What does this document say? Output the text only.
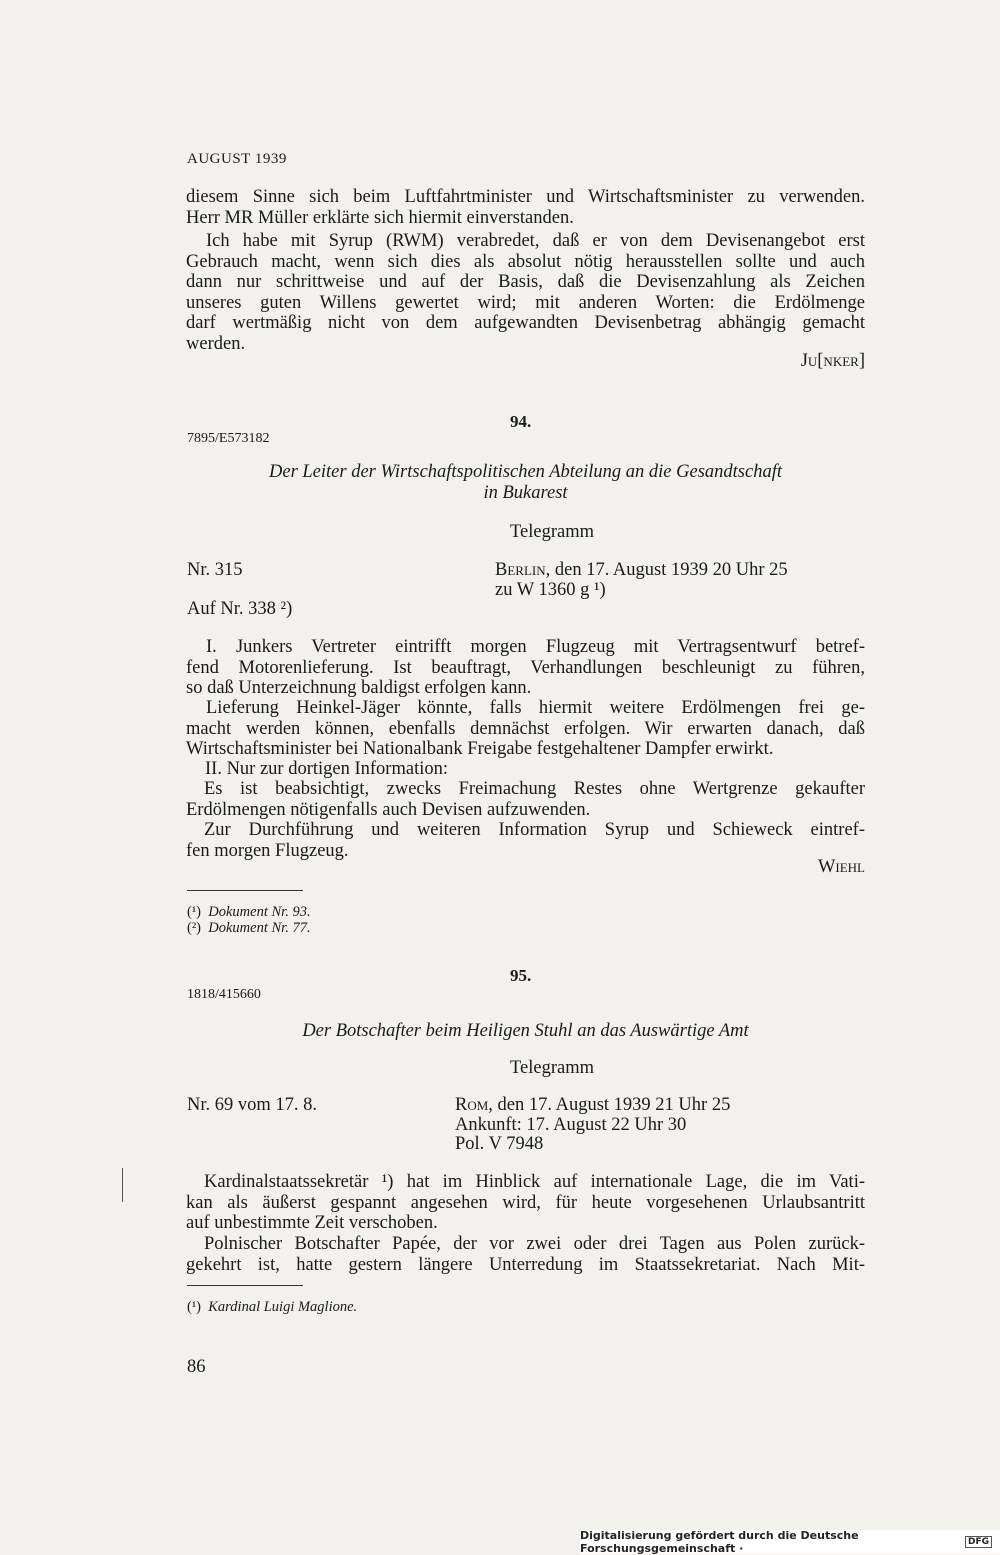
AUGUST 1939
diesem Sinne sich beim Luftfahrtminister und Wirtschaftsminister zu verwenden.
Herr MR Müller erklärte sich hiermit einverstanden.
Ich habe mit Syrup (RWM) verabredet, daß er von dem Devisenangebot erst
Gebrauch macht, wenn sich dies als absolut nötig herausstellen sollte und auch
dann nur schrittweise und auf der Basis, daß die Devisenzahlung als Zeichen
unseres guten Willens gewertet wird; mit anderen Worten: die Erdölmenge
darf wertmäßig nicht von dem aufgewandten Devisenbetrag abhängig gemacht
werden.
Ju[nker]
94.
7895/E573182
Der Leiter der Wirtschaftspolitischen Abteilung an die Gesandtschaft
in Bukarest
Telegramm
Nr. 315	Berlin, den 17. August 1939 20 Uhr 25
zu W 1360 g ¹)
Auf Nr. 338 ²)
I. Junkers Vertreter eintrifft morgen Flugzeug mit Vertragsentwurf betref-
fend Motorenlieferung. Ist beauftragt, Verhandlungen beschleunigt zu führen,
so daß Unterzeichnung baldigst erfolgen kann.
Lieferung Heinkel-Jäger könnte, falls hiermit weitere Erdölmengen frei ge-
macht werden können, ebenfalls demnächst erfolgen. Wir erwarten danach, daß
Wirtschaftsminister bei Nationalbank Freigabe festgehaltener Dampfer erwirkt.
II. Nur zur dortigen Information:
Es ist beabsichtigt, zwecks Freimachung Restes ohne Wertgrenze gekaufter
Erdölmengen nötigenfalls auch Devisen aufzuwenden.
Zur Durchführung und weiteren Information Syrup und Schieweck eintref-
fen morgen Flugzeug.
Wiehl
(¹) Dokument Nr. 93.
(²) Dokument Nr. 77.
95.
1818/415660
Der Botschafter beim Heiligen Stuhl an das Auswärtige Amt
Telegramm
Nr. 69 vom 17. 8.	Rom, den 17. August 1939 21 Uhr 25
Ankunft: 17. August 22 Uhr 30
Pol. V 7948
Kardinalstaatssekretär ¹) hat im Hinblick auf internationale Lage, die im Vati-
kan als äußerst gespannt angesehen wird, für heute vorgesehenen Urlaubsantritt
auf unbestimmte Zeit verschoben.
Polnischer Botschafter Papée, der vor zwei oder drei Tagen aus Polen zurück-
gekehrt ist, hatte gestern längere Unterredung im Staatssekretariat. Nach Mit-
(¹) Kardinal Luigi Maglione.
86
Digitalisierung gefördert durch die Deutsche Forschungsgemeinschaft ·	DFG
